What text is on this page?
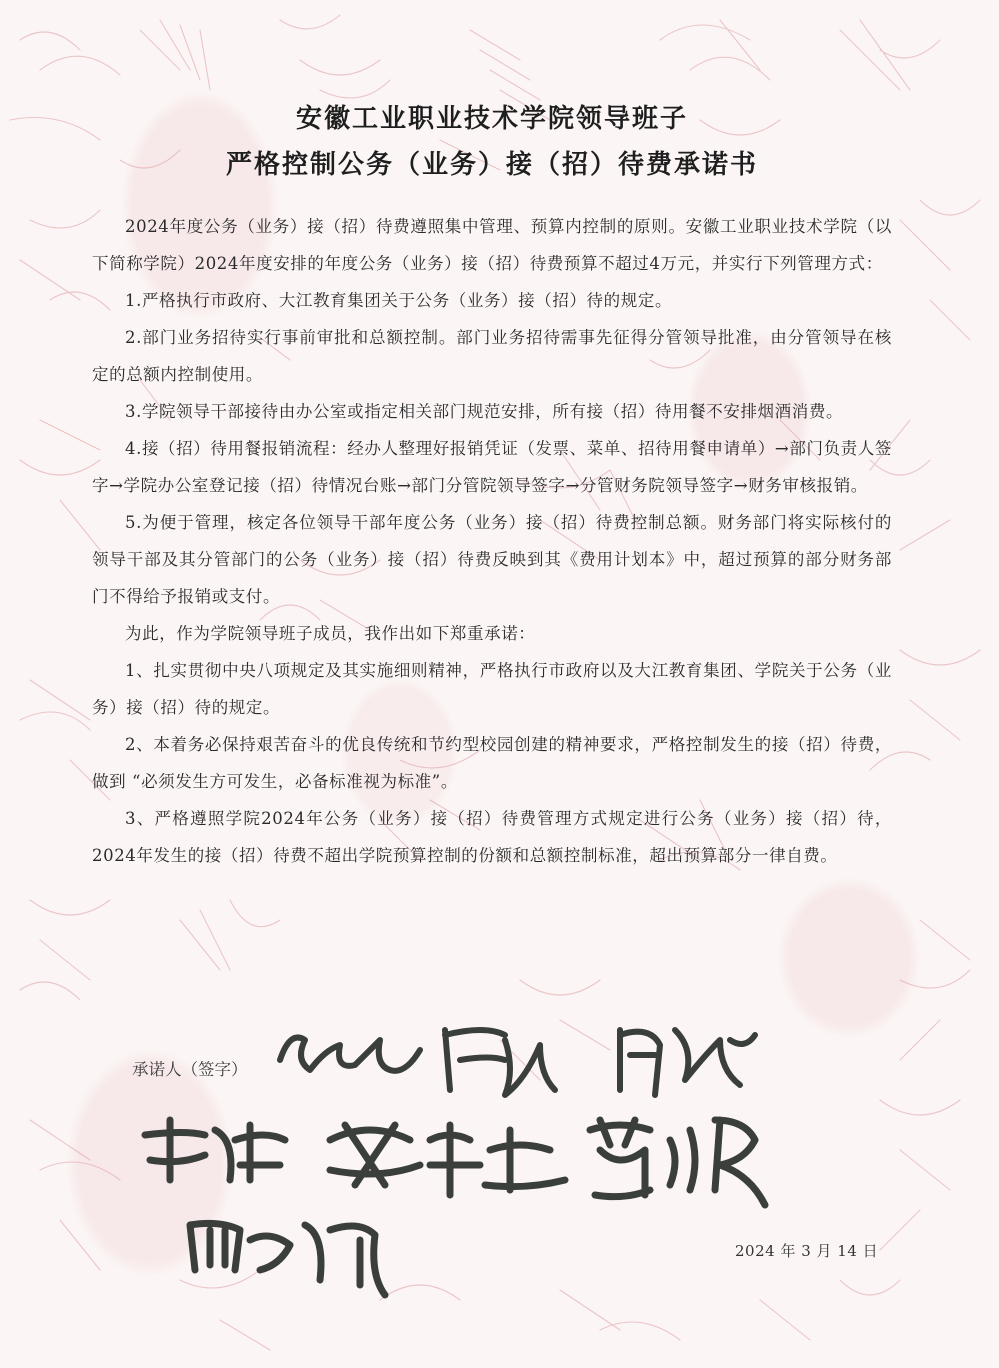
安徽工业职业技术学院领导班子
严格控制公务（业务）接（招）待费承诺书

2024年度公务（业务）接（招）待费遵照集中管理、预算内控制的原则。安徽工业职业技术学院（以下简称学院）2024年度安排的年度公务（业务）接（招）待费预算不超过4万元，并实行下列管理方式：

1.严格执行市政府、大江教育集团关于公务（业务）接（招）待的规定。

2.部门业务招待实行事前审批和总额控制。部门业务招待需事先征得分管领导批准，由分管领导在核定的总额内控制使用。

3.学院领导干部接待由办公室或指定相关部门规范安排，所有接（招）待用餐不安排烟酒消费。

4.接（招）待用餐报销流程：经办人整理好报销凭证（发票、菜单、招待用餐申请单）→部门负责人签字→学院办公室登记接（招）待情况台账→部门分管院领导签字→分管财务院领导签字→财务审核报销。

5.为便于管理，核定各位领导干部年度公务（业务）接（招）待费控制总额。财务部门将实际核付的领导干部及其分管部门的公务（业务）接（招）待费反映到其《费用计划本》中，超过预算的部分财务部门不得给予报销或支付。

为此，作为学院领导班子成员，我作出如下郑重承诺：

1、扎实贯彻中央八项规定及其实施细则精神，严格执行市政府以及大江教育集团、学院关于公务（业务）接（招）待的规定。

2、本着务必保持艰苦奋斗的优良传统和节约型校园创建的精神要求，严格控制发生的接（招）待费，做到 “必须发生方可发生，必备标准视为标准”。

3、严格遵照学院2024年公务（业务）接（招）待费管理方式规定进行公务（业务）接（招）待，2024年发生的接（招）待费不超出学院预算控制的份额和总额控制标准，超出预算部分一律自费。

承诺人（签字）
2024 年 3 月 14 日
